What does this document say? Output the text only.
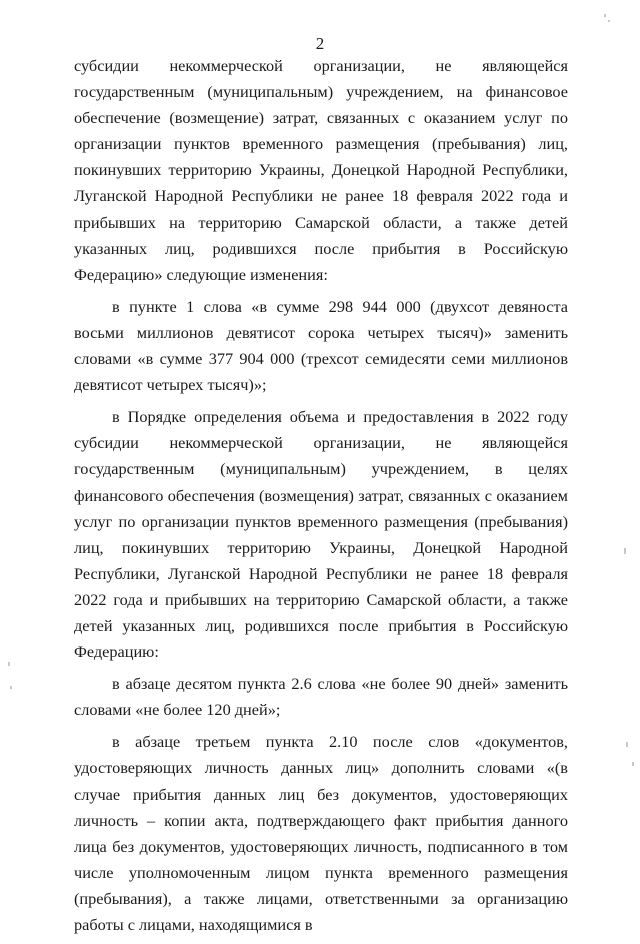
2

субсидии некоммерческой организации, не являющейся государственным (муниципальным) учреждением, на финансовое обеспечение (возмещение) затрат, связанных с оказанием услуг по организации пунктов временного размещения (пребывания) лиц, покинувших территорию Украины, Донецкой Народной Республики, Луганской Народной Республики не ранее 18 февраля 2022 года и прибывших на территорию Самарской области, а также детей указанных лиц, родившихся после прибытия в Российскую Федерацию» следующие изменения:

в пункте 1 слова «в сумме 298 944 000 (двухсот девяноста восьми миллионов девятисот сорока четырех тысяч)» заменить словами «в сумме 377 904 000 (трехсот семидесяти семи миллионов девятисот четырех тысяч)»;

в Порядке определения объема и предоставления в 2022 году субсидии некоммерческой организации, не являющейся государственным (муниципальным) учреждением, в целях финансового обеспечения (возмещения) затрат, связанных с оказанием услуг по организации пунктов временного размещения (пребывания) лиц, покинувших территорию Украины, Донецкой Народной Республики, Луганской Народной Республики не ранее 18 февраля 2022 года и прибывших на территорию Самарской области, а также детей указанных лиц, родившихся после прибытия в Российскую Федерацию:

в абзаце десятом пункта 2.6 слова «не более 90 дней» заменить словами «не более 120 дней»;

в абзаце третьем пункта 2.10 после слов «документов, удостоверяющих личность данных лиц» дополнить словами «(в случае прибытия данных лиц без документов, удостоверяющих личность – копии акта, подтверждающего факт прибытия данного лица без документов, удостоверяющих личность, подписанного в том числе уполномоченным лицом пункта временного размещения (пребывания), а также лицами, ответственными за организацию работы с лицами, находящимися в
